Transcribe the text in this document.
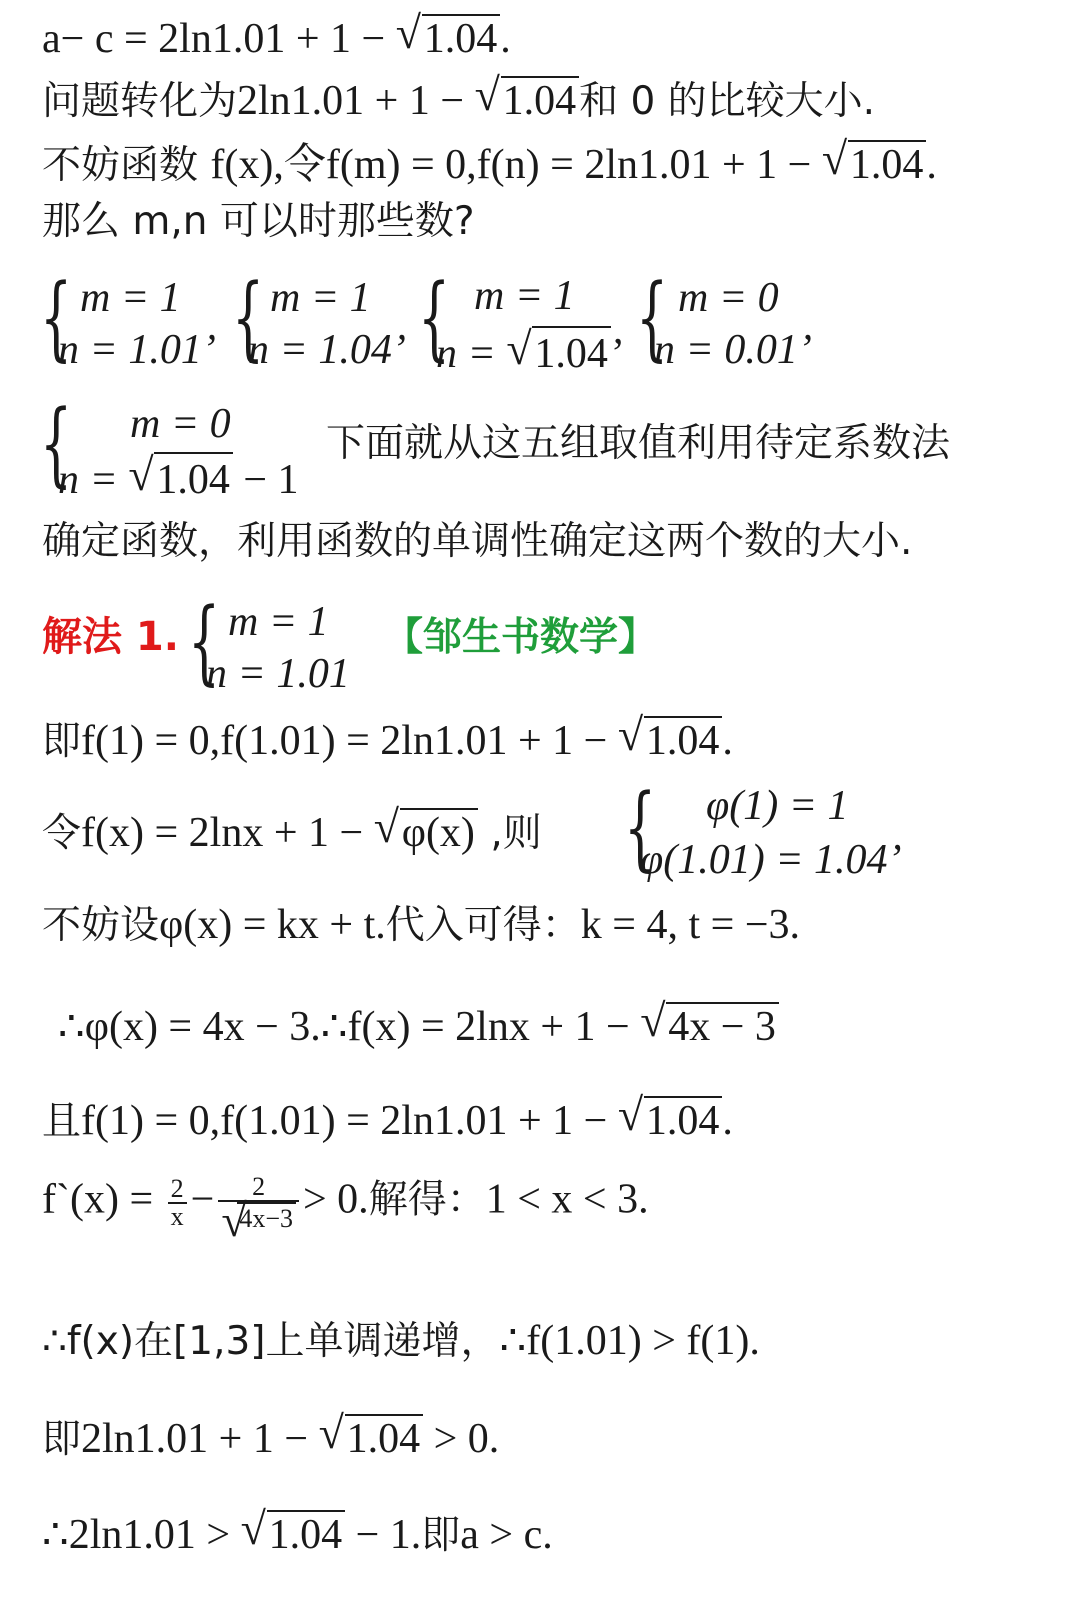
a− c = 2ln1.01 + 1 − √ 1.04.
问题转化为2ln1.01 + 1 − √ 1.04和 0 的比较大小.
不妨函数 f(x),令f(m) = 0,f(n) = 2ln1.01 + 1 − √ 1.04.
那么 m,n 可以时那些数?
{ m = 1
n = 1.01’ { m = 1
n = 1.04’ { m = 1
n = √ 1.04’ { m = 0
n = 0.01’
{ m = 0
n = √ 1.04 − 1
下面就从这五组取值利用待定系数法
确定函数，利用函数的单调性确定这两个数的大小.
解法 1. { m = 1
n = 1.01
【邹生书数学】
即f(1) = 0,f(1.01) = 2ln1.01 + 1 − √ 1.04.
令f(x) = 2lnx + 1 − √ φ(x) ,则 { φ(1) = 1
φ(1.01) = 1.04’
不妨设φ(x) = kx + t.代入可得：k = 4, t = −3.
∴φ(x) = 4x − 3.∴f(x) = 2lnx + 1 − √ 4x − 3
且f(1) = 0,f(1.01) = 2ln1.01 + 1 − √ 1.04.
f`(x) = $\frac{2}{x} - 2$
√ 4x−3 > 0.解得：1 < x < 3.
∴f(x)在[1,3]上单调递增，∴f(1.01) > f(1).
即2ln1.01 + 1 − √ 1.04 > 0.
∴2ln1.01 > √ 1.04 − 1.即a > c.
